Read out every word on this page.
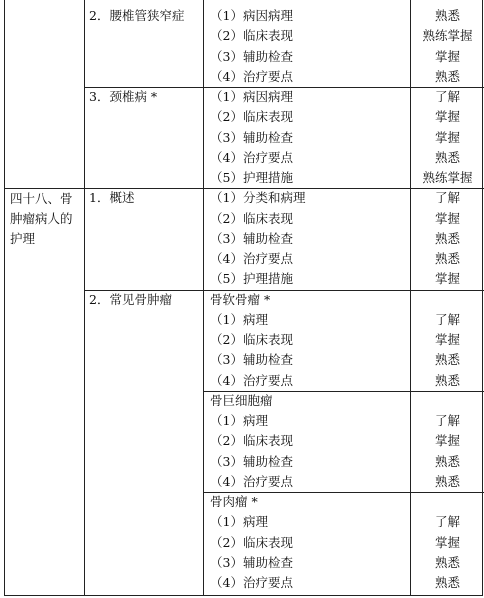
2．腰椎管狭窄症 （1）病因病理	熟悉
（2）临床表现	熟练掌握
（3）辅助检查	掌握
（4）治疗要点	熟悉
3．颈椎病 *	（1）病因病理	了解
（2）临床表现	掌握
（3）辅助检查	掌握
（4）治疗要点	熟悉
（5）护理措施	熟练掌握
四十八、骨肿瘤病人的护理
1．概述	（1）分类和病理	了解
（2）临床表现	掌握
（3）辅助检查	熟悉
（4）治疗要点	熟悉
（5）护理措施	掌握
2．常见骨肿瘤	骨软骨瘤 *
（1）病理	了解
（2）临床表现	掌握
（3）辅助检查	熟悉
（4）治疗要点	熟悉
骨巨细胞瘤
（1）病理	了解
（2）临床表现	掌握
（3）辅助检查	熟悉
（4）治疗要点	熟悉
骨肉瘤 *
（1）病理	了解
（2）临床表现	掌握
（3）辅助检查	熟悉
（4）治疗要点	熟悉
